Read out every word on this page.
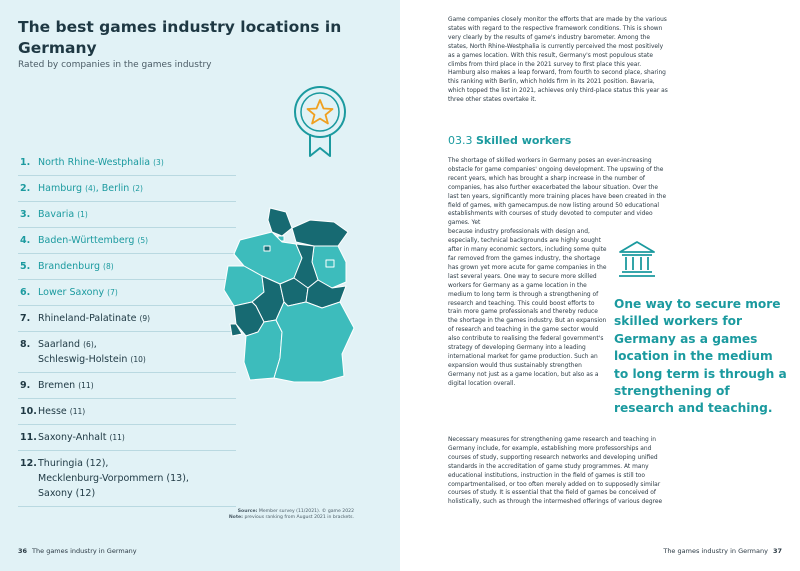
The best games industry locations in Germany
Rated by companies in the games industry
1. North Rhine-Westphalia (3)
2. Hamburg (4), Berlin (2)
3. Bavaria (1)
4. Baden-Württemberg (5)
5. Brandenburg (8)
6. Lower Saxony (7)
7. Rhineland-Palatinate (9)
8. Saarland (6),
Schleswig-Holstein (10)
9. Bremen (11)
10. Hesse (11)
11. Saxony-Anhalt (11)
12. Thuringia (12),
Mecklenburg-Vorpommern (13),
Saxony (12)
Source: Member survey (11/2021). © game 2022
Note: previous ranking from August 2021 in brackets.
36 The games industry in Germany

Game companies closely monitor the efforts that are made by the various states with regard to the respective framework conditions. This is shown very clearly by the results of game's industry barometer. Among the states, North Rhine-Westphalia is currently perceived the most positively as a games location. With this result, Germany's most populous state climbs from third place in the 2021 survey to first place this year. Hamburg also makes a leap forward, from fourth to second place, sharing this ranking with Berlin, which holds firm in its 2021 position. Bavaria, which topped the list in 2021, achieves only third-place status this year as three other states overtake it.

03.3 Skilled workers

The shortage of skilled workers in Germany poses an ever-increasing obstacle for game companies' ongoing development. The upswing of the recent years, which has brought a sharp increase in the number of companies, has also further exacerbated the labour situation. Over the last ten years, significantly more training places have been created in the field of games, with gamecampus.de now listing around 50 educational establishments with courses of study devoted to computer and video games. Yet

because industry professionals with design and, especially, technical backgrounds are highly sought after in many economic sectors, including some quite far removed from the games industry, the shortage has grown yet more acute for game companies in the last several years. One way to secure more skilled workers for Germany as a game location in the medium to long term is through a strengthening of research and teaching. This could boost efforts to train more game professionals and thereby reduce the shortage in the games industry. But an expansion of research and teaching in the game sector would also contribute to realising the federal government's strategy of developing Germany into a leading international market for game production. Such an expansion would thus sustainably strengthen Germany not just as a game location, but also as a digital location overall.

Necessary measures for strengthening game research and teaching in Germany include, for example, establishing more professorships and courses of study, supporting research networks and developing unified standards in the accreditation of game study programmes. At many educational institutions, instruction in the field of games is still too compartmentalised, or too often merely added on to supposedly similar courses of study. It is essential that the field of games be conceived of holistically, such as through the intermeshed offerings of various degree

One way to secure more skilled workers for Germany as a games location in the medium to long term is through a strengthening of research and teaching.

The games industry in Germany 37
